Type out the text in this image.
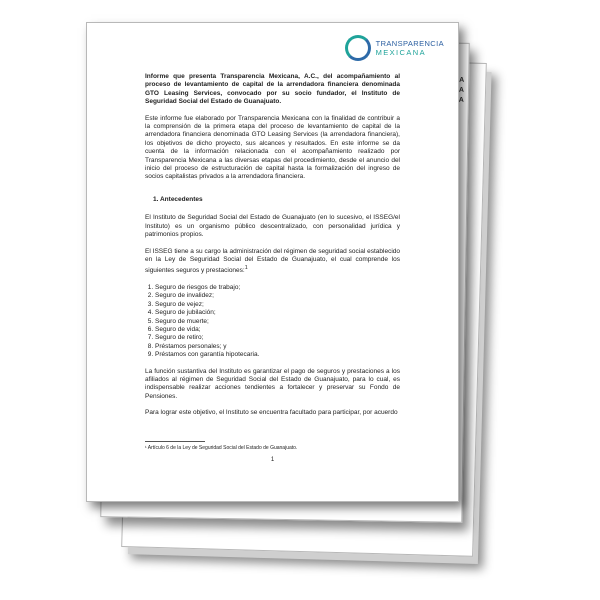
A
A
A
TRANSPARENCIA
MEXICANA

Informe que presenta Transparencia Mexicana, A.C., del acompañamiento al proceso de levantamiento de capital de la arrendadora financiera denominada GTO Leasing Services, convocado por su socio fundador, el Instituto de Seguridad Social del Estado de Guanajuato.

Este informe fue elaborado por Transparencia Mexicana con la finalidad de contribuir a la comprensión de la primera etapa del proceso de levantamiento de capital de la arrendadora financiera denominada GTO Leasing Services (la arrendadora financiera), los objetivos de dicho proyecto, sus alcances y resultados. En este informe se da cuenta de la información relacionada con el acompañamiento realizado por Transparencia Mexicana a las diversas etapas del procedimiento, desde el anuncio del inicio del proceso de estructuración de capital hasta la formalización del ingreso de socios capitalistas privados a la arrendadora financiera.

1. Antecedentes

El Instituto de Seguridad Social del Estado de Guanajuato (en lo sucesivo, el ISSEG/el Instituto) es un organismo público descentralizado, con personalidad jurídica y patrimonios propios.

El ISSEG tiene a su cargo la administración del régimen de seguridad social establecido en la Ley de Seguridad Social del Estado de Guanajuato, el cual comprende los siguientes seguros y prestaciones:$^1$

1. Seguro de riesgos de trabajo;
2. Seguro de invalidez;
3. Seguro de vejez;
4. Seguro de jubilación;
5. Seguro de muerte;
6. Seguro de vida;
7. Seguro de retiro;
8. Préstamos personales; y
9. Préstamos con garantía hipotecaria.

La función sustantiva del Instituto es garantizar el pago de seguros y prestaciones a los afiliados al régimen de Seguridad Social del Estado de Guanajuato, para lo cual, es indispensable realizar acciones tendientes a fortalecer y preservar su Fondo de Pensiones.

Para lograr este objetivo, el Instituto se encuentra facultado para participar, por acuerdo

¹ Artículo 6 de la Ley de Seguridad Social del Estado de Guanajuato.
1
